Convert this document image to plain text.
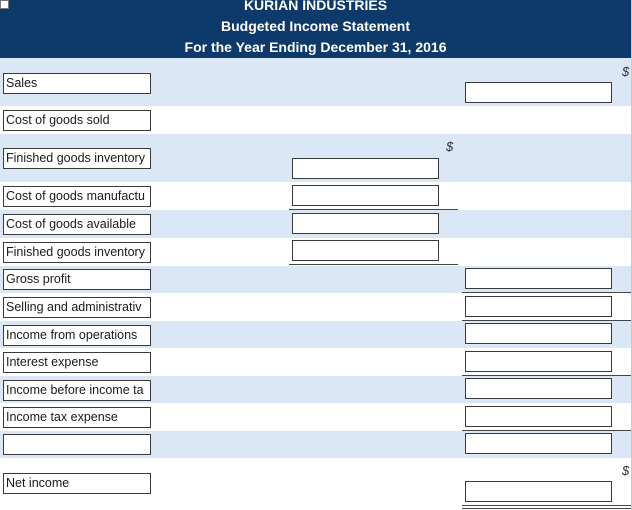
KURIAN INDUSTRIES
Budgeted Income Statement
For the Year Ending December 31, 2016
Sales
$
Cost of goods sold
Finished goods inventory
$
Cost of goods manufactu
Cost of goods available
Finished goods inventory
Gross profit
Selling and administrativ
Income from operations
Interest expense
Income before income ta
Income tax expense
Net income
$
